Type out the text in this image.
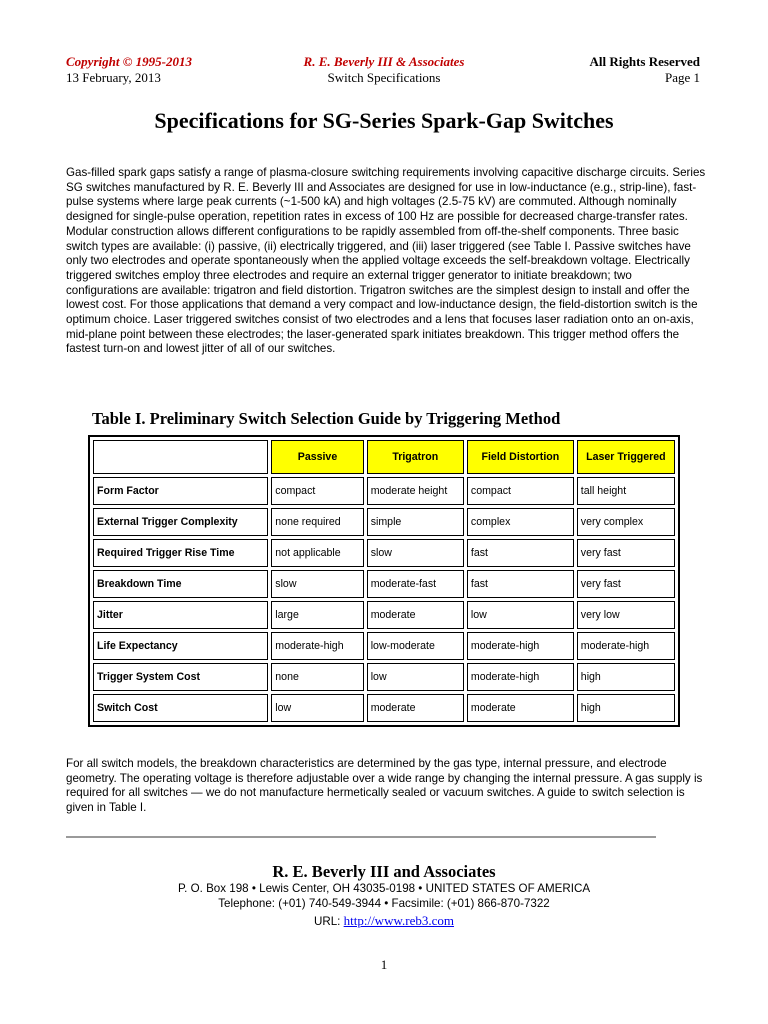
Copyright © 1995-2013
13 February, 2013
R. E. Beverly III & Associates
Switch Specifications
All Rights Reserved
Page 1
Specifications for SG-Series Spark-Gap Switches
Gas-filled spark gaps satisfy a range of plasma-closure switching requirements involving capacitive discharge circuits. Series SG switches manufactured by R. E. Beverly III and Associates are designed for use in low-inductance (e.g., strip-line), fast-pulse systems where large peak currents (~1-500 kA) and high voltages (2.5-75 kV) are commuted. Although nominally designed for single-pulse operation, repetition rates in excess of 100 Hz are possible for decreased charge-transfer rates. Modular construction allows different configurations to be rapidly assembled from off-the-shelf components. Three basic switch types are available: (i) passive, (ii) electrically triggered, and (iii) laser triggered (see Table I. Passive switches have only two electrodes and operate spontaneously when the applied voltage exceeds the self-breakdown voltage. Electrically triggered switches employ three electrodes and require an external trigger generator to initiate breakdown; two configurations are available: trigatron and field distortion. Trigatron switches are the simplest design to install and offer the lowest cost. For those applications that demand a very compact and low-inductance design, the field-distortion switch is the optimum choice. Laser triggered switches consist of two electrodes and a lens that focuses laser radiation onto an on-axis, mid-plane point between these electrodes; the laser-generated spark initiates breakdown. This trigger method offers the fastest turn-on and lowest jitter of all of our switches.
Table I. Preliminary Switch Selection Guide by Triggering Method
	Passive	Trigatron	Field Distortion	Laser Triggered
Form Factor	compact	moderate height	compact	tall height
External Trigger Complexity	none required	simple	complex	very complex
Required Trigger Rise Time	not applicable	slow	fast	very fast
Breakdown Time	slow	moderate-fast	fast	very fast
Jitter	large	moderate	low	very low
Life Expectancy	moderate-high	low-moderate	moderate-high	moderate-high
Trigger System Cost	none	low	moderate-high	high
Switch Cost	low	moderate	moderate	high
For all switch models, the breakdown characteristics are determined by the gas type, internal pressure, and electrode geometry. The operating voltage is therefore adjustable over a wide range by changing the internal pressure. A gas supply is required for all switches — we do not manufacture hermetically sealed or vacuum switches. A guide to switch selection is given in Table I.
R. E. Beverly III and Associates
P. O. Box 198 • Lewis Center, OH 43035-0198 • UNITED STATES OF AMERICA
Telephone: (+01) 740-549-3944 • Facsimile: (+01) 866-870-7322
URL: http://www.reb3.com
1
